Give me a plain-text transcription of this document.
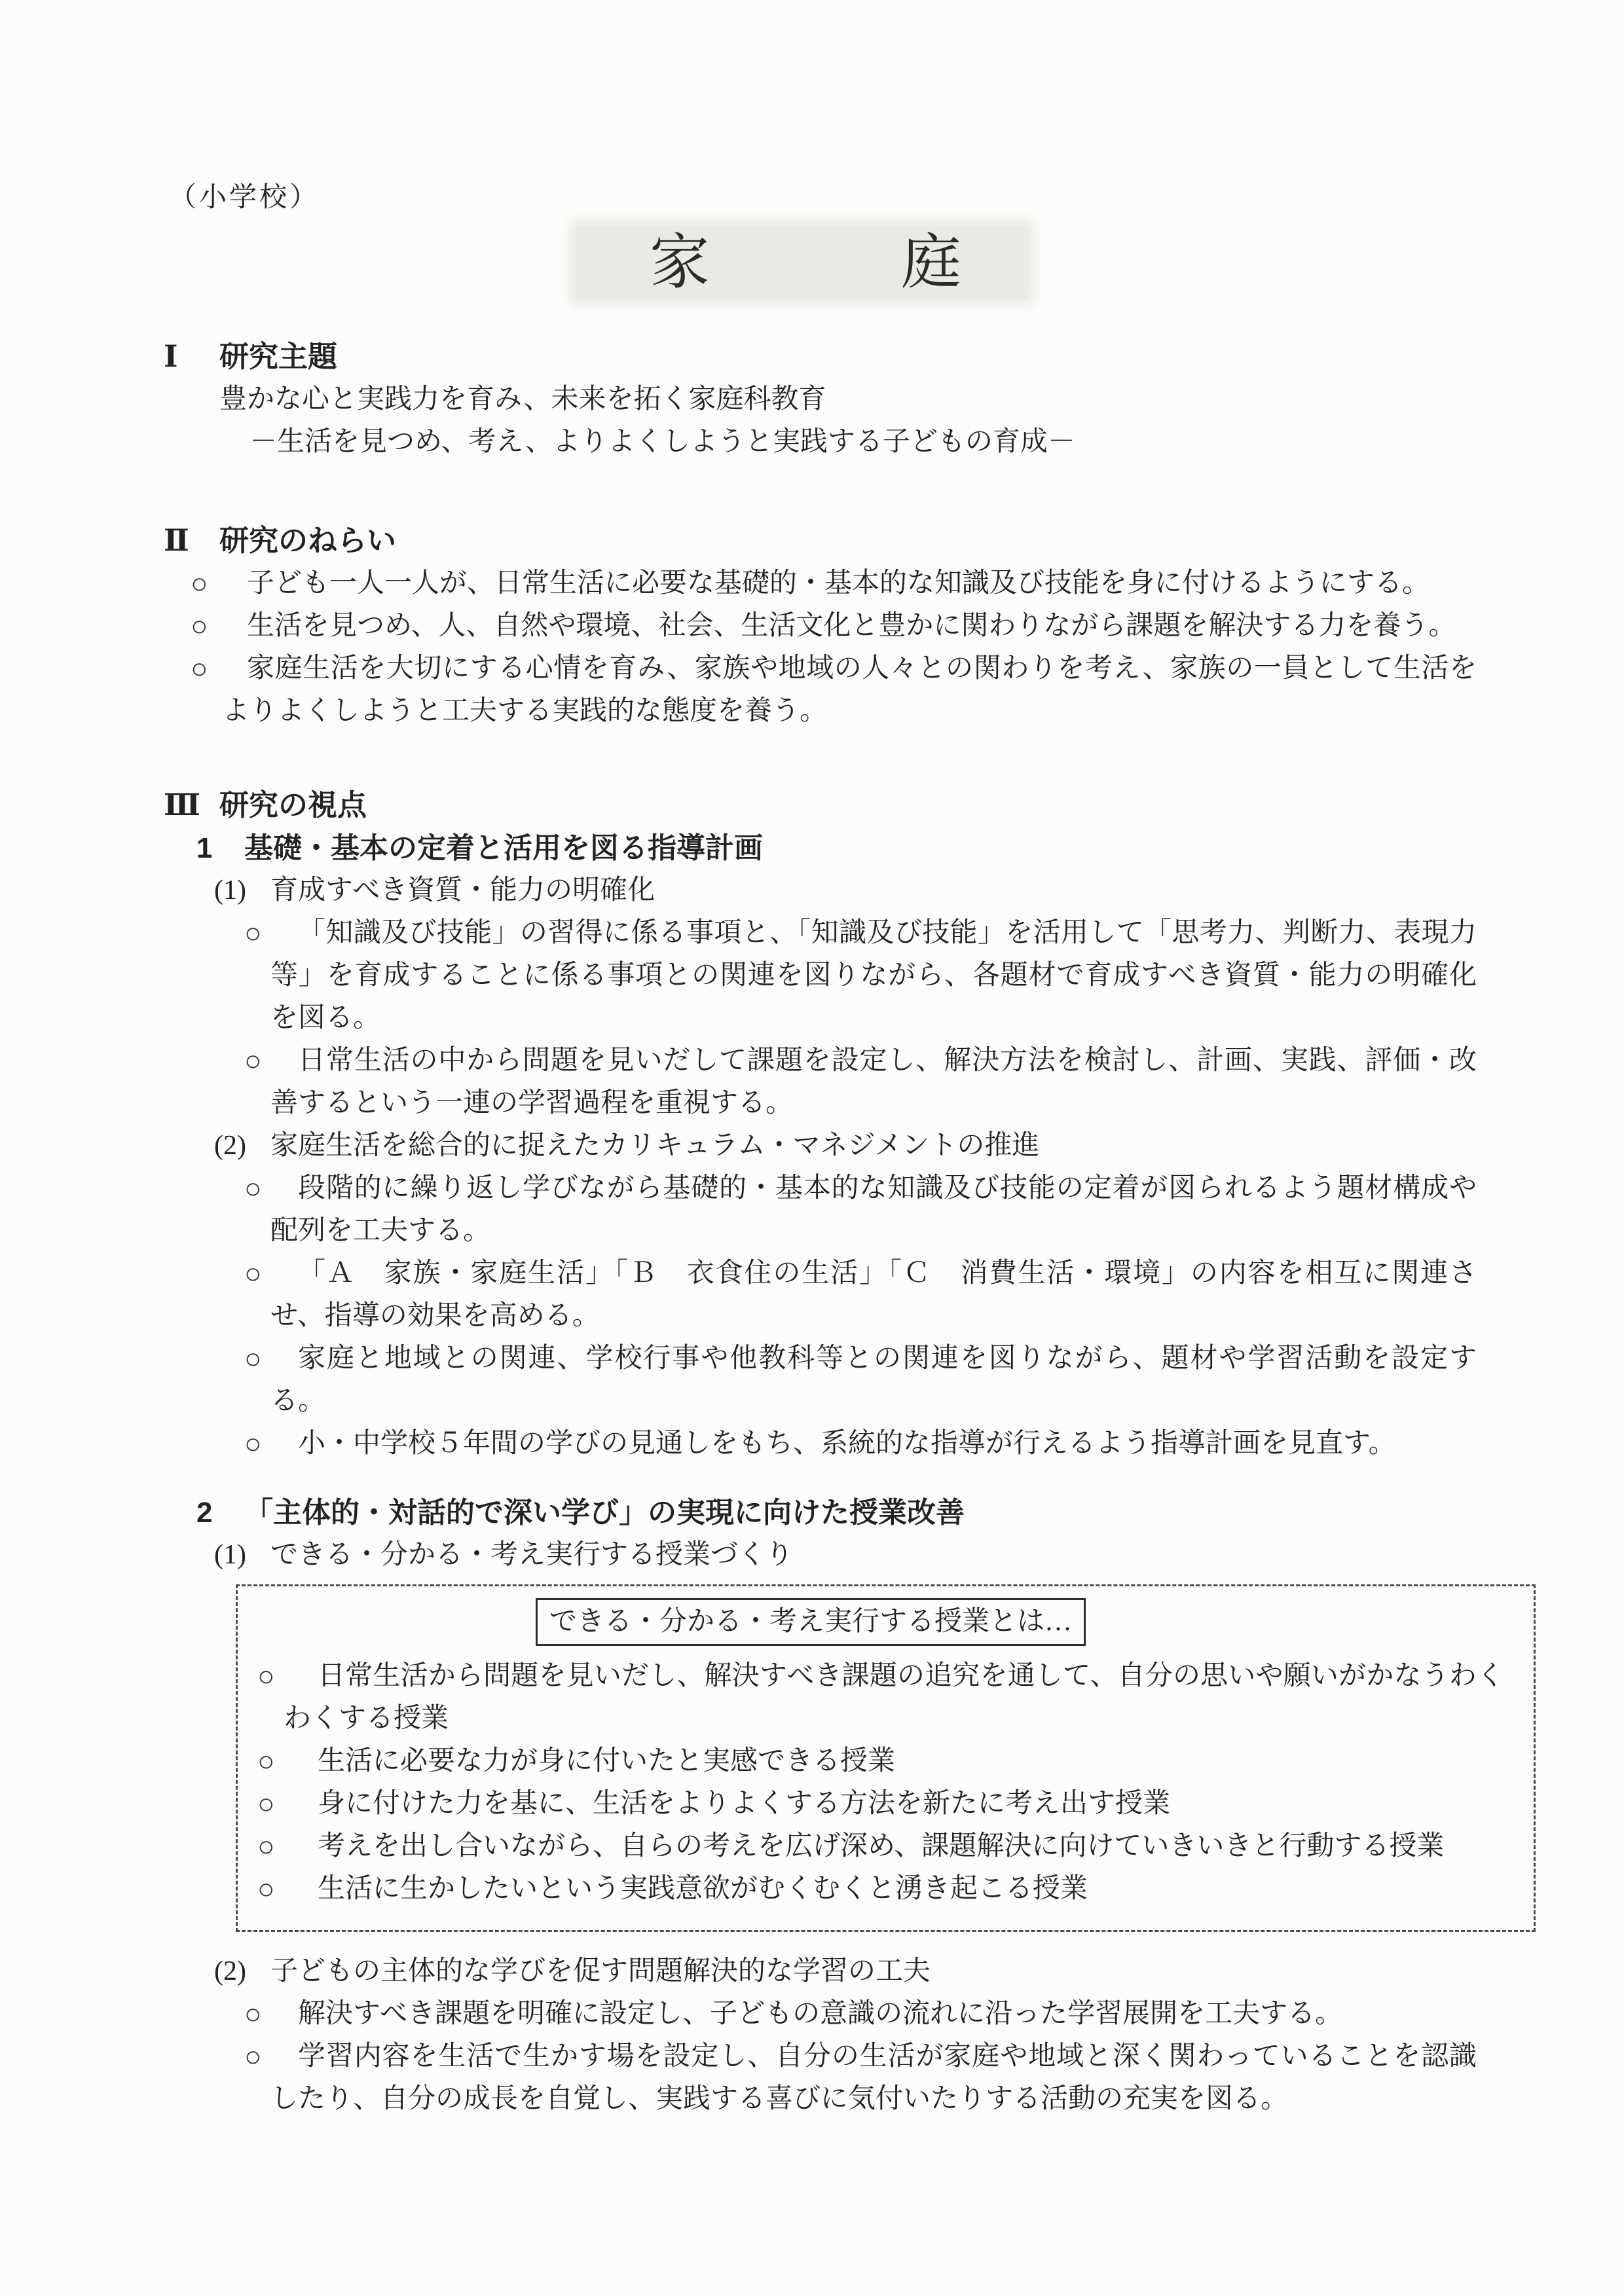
（小学校）
家	庭
Ⅰ 研究主題
豊かな心と実践力を育み、未来を拓く家庭科教育
－生活を見つめ、考え、よりよくしようと実践する子どもの育成－
Ⅱ 研究のねらい
○	子ども一人一人が、日常生活に必要な基礎的・基本的な知識及び技能を身に付けるようにする。
○	生活を見つめ、人、自然や環境、社会、生活文化と豊かに関わりながら課題を解決する力を養う。
○	家庭生活を大切にする心情を育み、家族や地域の人々との関わりを考え、家族の一員として生活をよりよくしようと工夫する実践的な態度を養う。
Ⅲ 研究の視点
1 基礎・基本の定着と活用を図る指導計画
(1) 育成すべき資質・能力の明確化
○	「知識及び技能」の習得に係る事項と、「知識及び技能」を活用して「思考力、判断力、表現力等」を育成することに係る事項との関連を図りながら、各題材で育成すべき資質・能力の明確化を図る。
○	日常生活の中から問題を見いだして課題を設定し、解決方法を検討し、計画、実践、評価・改善するという一連の学習過程を重視する。
(2) 家庭生活を総合的に捉えたカリキュラム・マネジメントの推進
○	段階的に繰り返し学びながら基礎的・基本的な知識及び技能の定着が図られるよう題材構成や配列を工夫する。
○	「Ａ　家族・家庭生活」「Ｂ　衣食住の生活」「Ｃ　消費生活・環境」の内容を相互に関連させ、指導の効果を高める。
○	家庭と地域との関連、学校行事や他教科等との関連を図りながら、題材や学習活動を設定する。
○	小・中学校５年間の学びの見通しをもち、系統的な指導が行えるよう指導計画を見直す。
2 「主体的・対話的で深い学び」の実現に向けた授業改善
(1) できる・分かる・考え実行する授業づくり
できる・分かる・考え実行する授業とは…
○	日常生活から問題を見いだし、解決すべき課題の追究を通して、自分の思いや願いがかなうわくわくする授業
○	生活に必要な力が身に付いたと実感できる授業
○	身に付けた力を基に、生活をよりよくする方法を新たに考え出す授業
○	考えを出し合いながら、自らの考えを広げ深め、課題解決に向けていきいきと行動する授業
○	生活に生かしたいという実践意欲がむくむくと湧き起こる授業
(2) 子どもの主体的な学びを促す問題解決的な学習の工夫
○	解決すべき課題を明確に設定し、子どもの意識の流れに沿った学習展開を工夫する。
○	学習内容を生活で生かす場を設定し、自分の生活が家庭や地域と深く関わっていることを認識したり、自分の成長を自覚し、実践する喜びに気付いたりする活動の充実を図る。
